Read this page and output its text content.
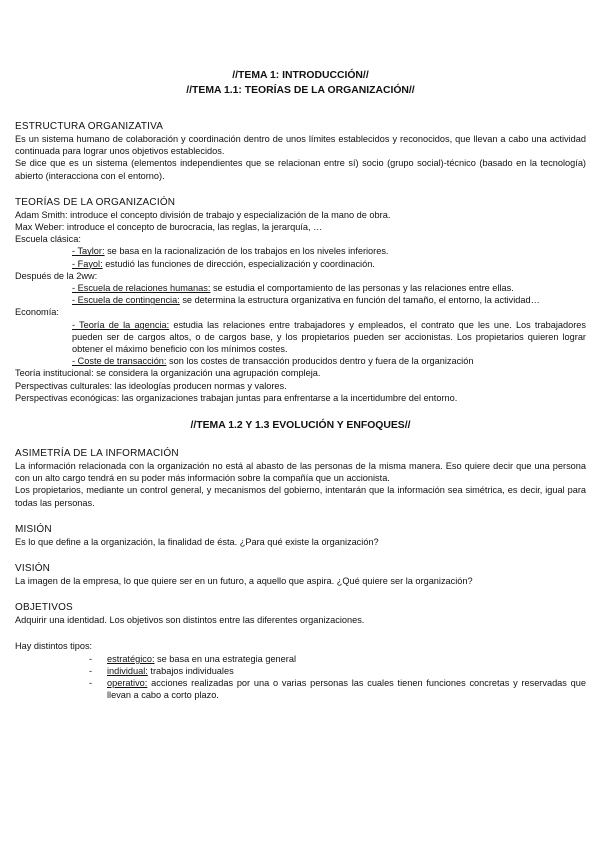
//TEMA 1: INTRODUCCIÓN//
//TEMA 1.1: TEORÍAS DE LA ORGANIZACIÓN//
ESTRUCTURA ORGANIZATIVA
Es un sistema humano de colaboración y coordinación dentro de unos límites establecidos y reconocidos, que llevan a cabo una actividad continuada para lograr unos objetivos establecidos.
Se dice que es un sistema (elementos independientes que se relacionan entre sí) socio (grupo social)-técnico (basado en la tecnología) abierto (interacciona con el entorno).
TEORÍAS DE LA ORGANIZACIÓN
Adam Smith: introduce el concepto división de trabajo y especialización de la mano de obra.
Max Weber: introduce el concepto de burocracia, las reglas, la jerarquía, …
Escuela clásica:
- Taylor: se basa en la racionalización de los trabajos en los niveles inferiores.
- Fayol: estudió las funciones de dirección, especialización y coordinación.
Después de la 2ww:
- Escuela de relaciones humanas: se estudia el comportamiento de las personas y las relaciones entre ellas.
- Escuela de contingencia: se determina la estructura organizativa en función del tamaño, el entorno, la actividad…
Economía:
- Teoría de la agencia: estudia las relaciones entre trabajadores y empleados, el contrato que les une. Los trabajadores pueden ser de cargos altos, o de cargos base, y los propietarios pueden ser accionistas. Los propietarios quieren lograr obtener el máximo beneficio con los mínimos costes.
- Coste de transacción: son los costes de transacción producidos dentro y fuera de la organización
Teoría institucional: se considera la organización una agrupación compleja.
Perspectivas culturales: las ideologías producen normas y valores.
Perspectivas econógicas: las organizaciones trabajan juntas para enfrentarse a la incertidumbre del entorno.
//TEMA 1.2 Y 1.3 EVOLUCIÓN Y ENFOQUES//
ASIMETRÍA DE LA INFORMACIÓN
La información relacionada con la organización no está al abasto de las personas de la misma manera. Eso quiere decir que una persona con un alto cargo tendrá en su poder más información sobre la compañía que un accionista.
Los propietarios, mediante un control general, y mecanismos del gobierno, intentarán que la información sea simétrica, es decir, igual para todas las personas.
MISIÓN
Es lo que define a la organización, la finalidad de ésta. ¿Para qué existe la organización?
VISIÓN
La imagen de la empresa, lo que quiere ser en un futuro, a aquello que aspira. ¿Qué quiere ser la organización?
OBJETIVOS
Adquirir una identidad. Los objetivos son distintos entre las diferentes organizaciones.
Hay distintos tipos:
- estratégico: se basa en una estrategia general
- individual: trabajos individuales
- operativo: acciones realizadas por una o varias personas las cuales tienen funciones concretas y reservadas que llevan a cabo a corto plazo.
